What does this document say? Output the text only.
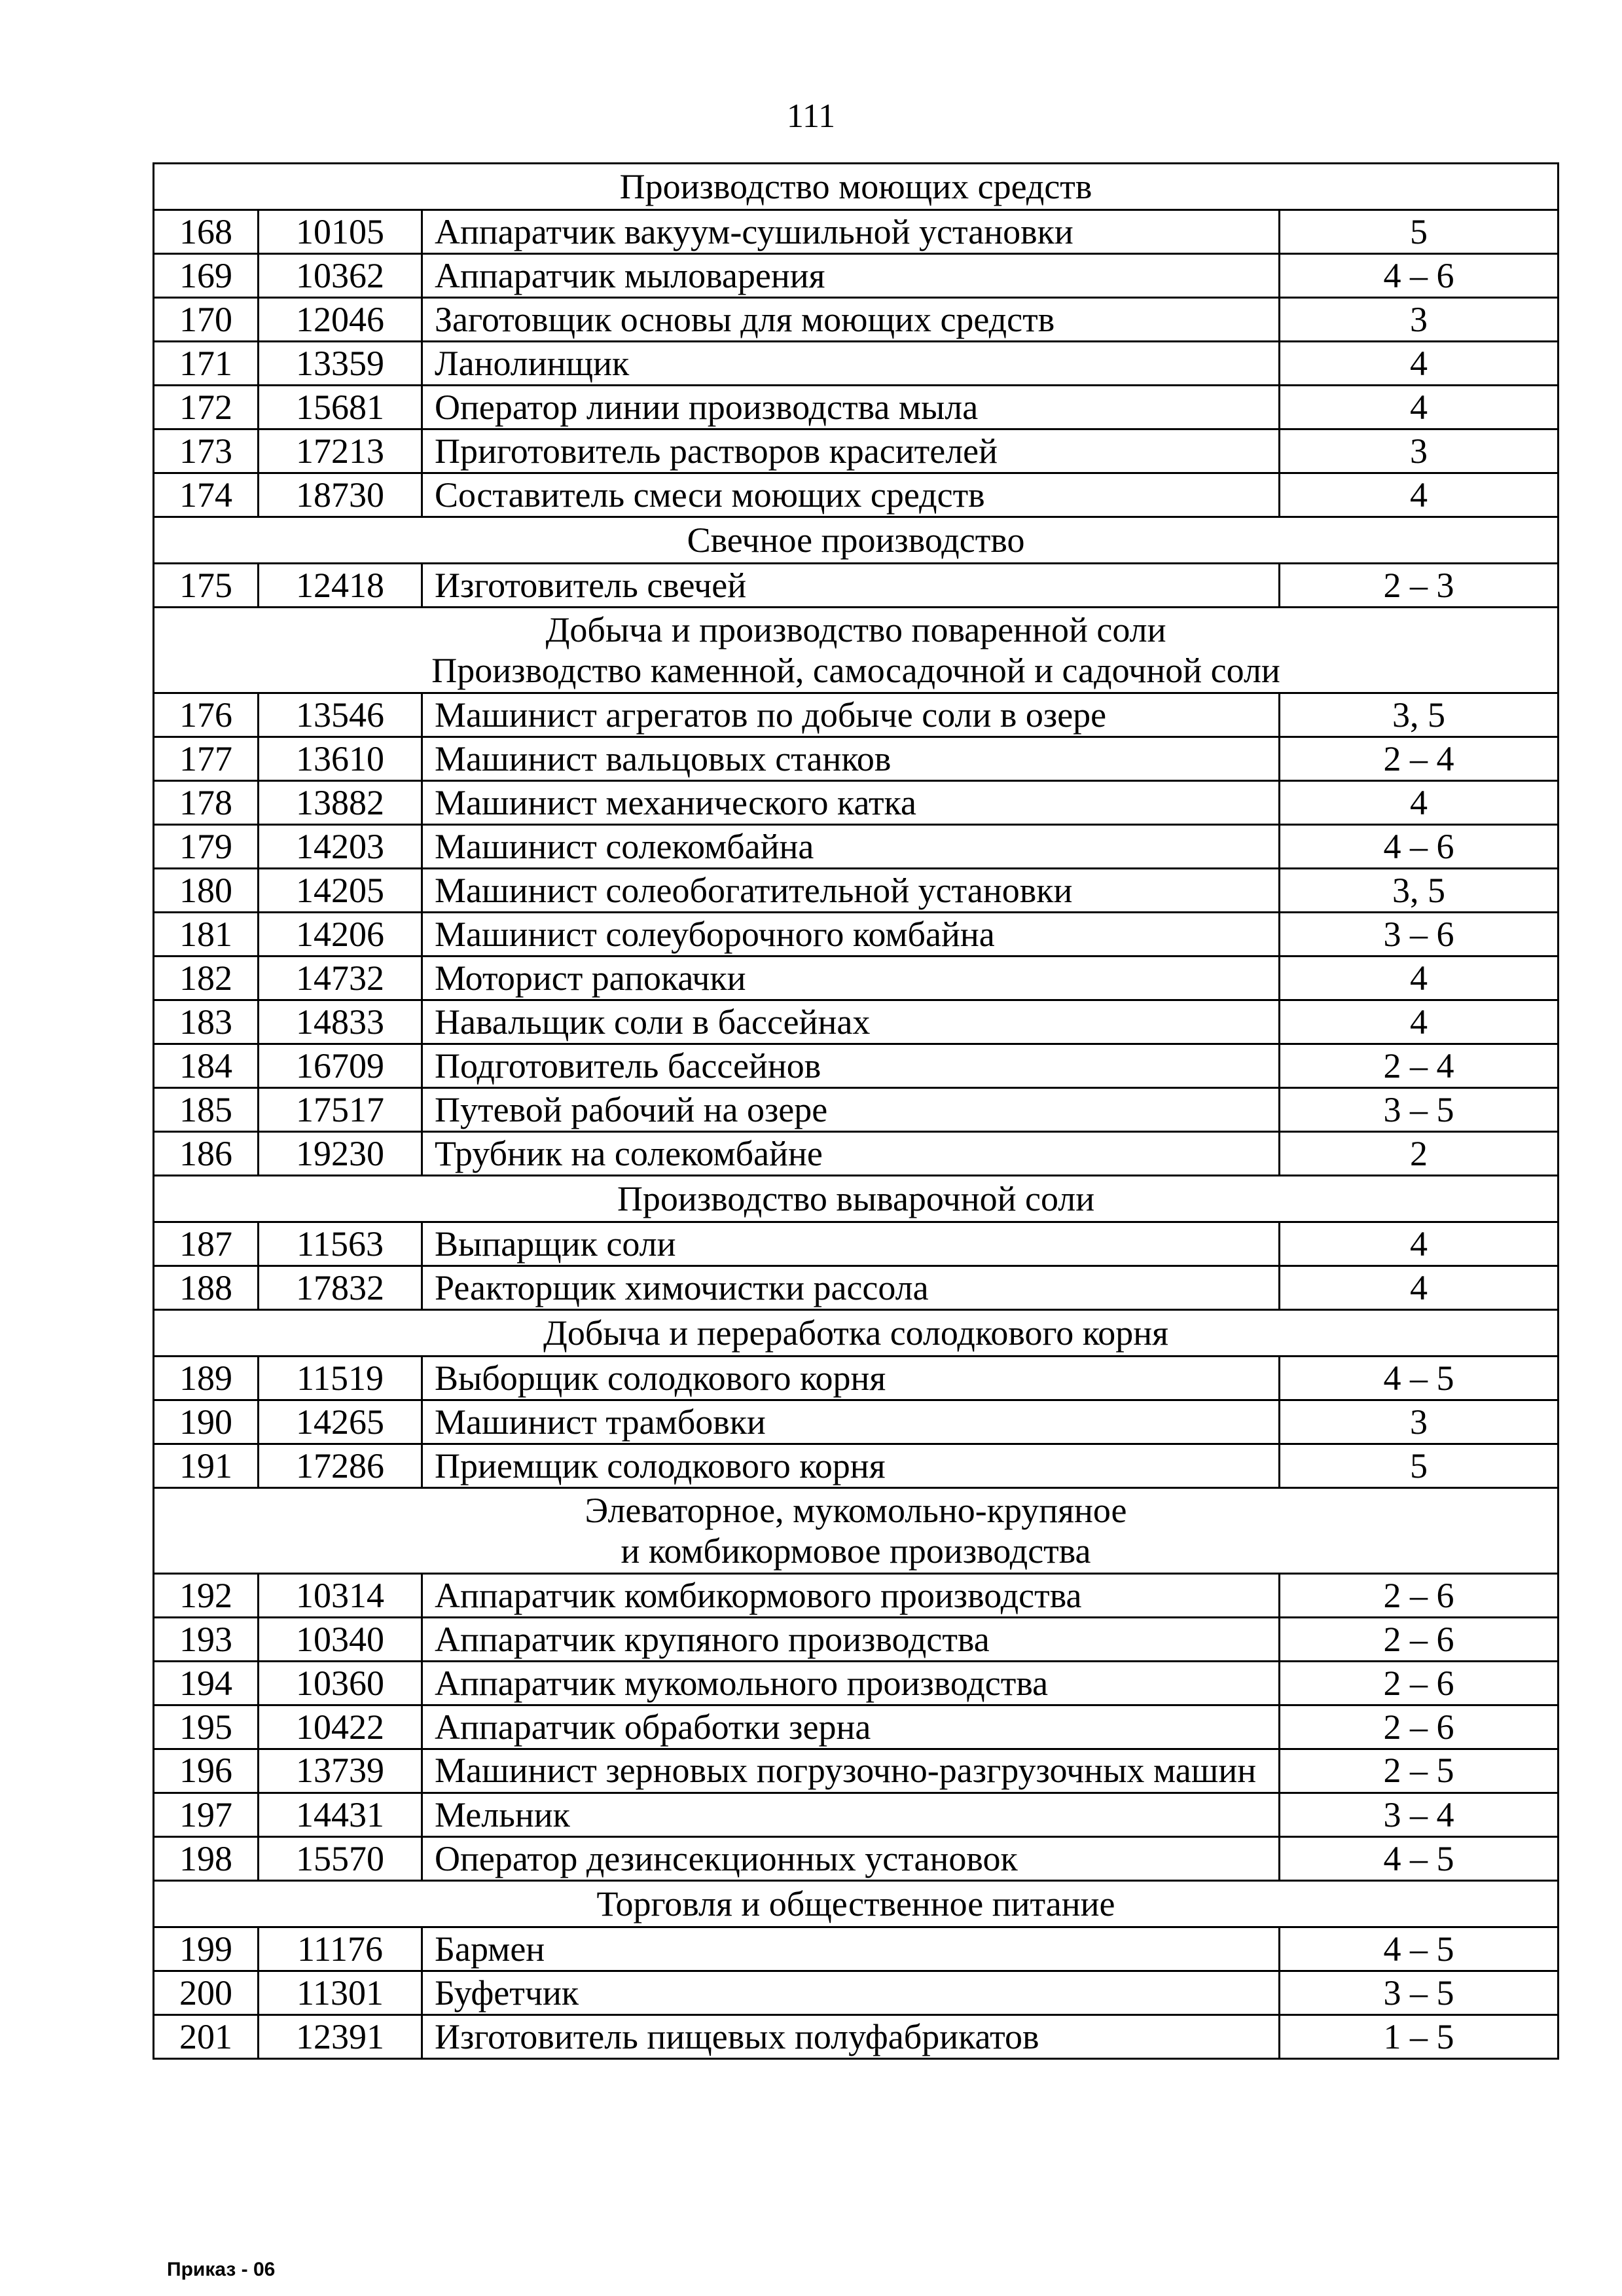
111
Производство моющих средств			

168	10105	Аппаратчик вакуум-сушильной установки	5
169	10362	Аппаратчик мыловарения	4 – 6
170	12046	Заготовщик основы для моющих средств	3
171	13359	Ланолинщик	4
172	15681	Оператор линии производства мыла	4
173	17213	Приготовитель растворов красителей	3
174	18730	Составитель смеси моющих средств	4

Свечное производство			

175	12418	Изготовитель свечей	2 – 3

Добыча и производство поваренной соли
Производство каменной, самосадочной и садочной соли			

176	13546	Машинист агрегатов по добыче соли в озере	3, 5
177	13610	Машинист вальцовых станков	2 – 4
178	13882	Машинист механического катка	4
179	14203	Машинист солекомбайна	4 – 6
180	14205	Машинист солеобогатительной установки	3, 5
181	14206	Машинист солеуборочного комбайна	3 – 6
182	14732	Моторист рапокачки	4
183	14833	Навальщик соли в бассейнах	4
184	16709	Подготовитель бассейнов	2 – 4
185	17517	Путевой рабочий на озере	3 – 5
186	19230	Трубник на солекомбайне	2

Производство выварочной соли			

187	11563	Выпарщик соли	4
188	17832	Реакторщик химочистки рассола	4

Добыча и переработка солодкового корня			

189	11519	Выборщик солодкового корня	4 – 5
190	14265	Машинист трамбовки	3
191	17286	Приемщик солодкового корня	5

Элеваторное, мукомольно-крупяное
и комбикормовое производства			

192	10314	Аппаратчик комбикормового производства	2 – 6
193	10340	Аппаратчик крупяного производства	2 – 6
194	10360	Аппаратчик мукомольного производства	2 – 6
195	10422	Аппаратчик обработки зерна	2 – 6
196	13739	Машинист зерновых погрузочно-разгрузочных машин	2 – 5
197	14431	Мельник	3 – 4
198	15570	Оператор дезинсекционных установок	4 – 5

Торговля и общественное питание			

199	11176	Бармен	4 – 5
200	11301	Буфетчик	3 – 5
201	12391	Изготовитель пищевых полуфабрикатов	1 – 5
Приказ - 06
